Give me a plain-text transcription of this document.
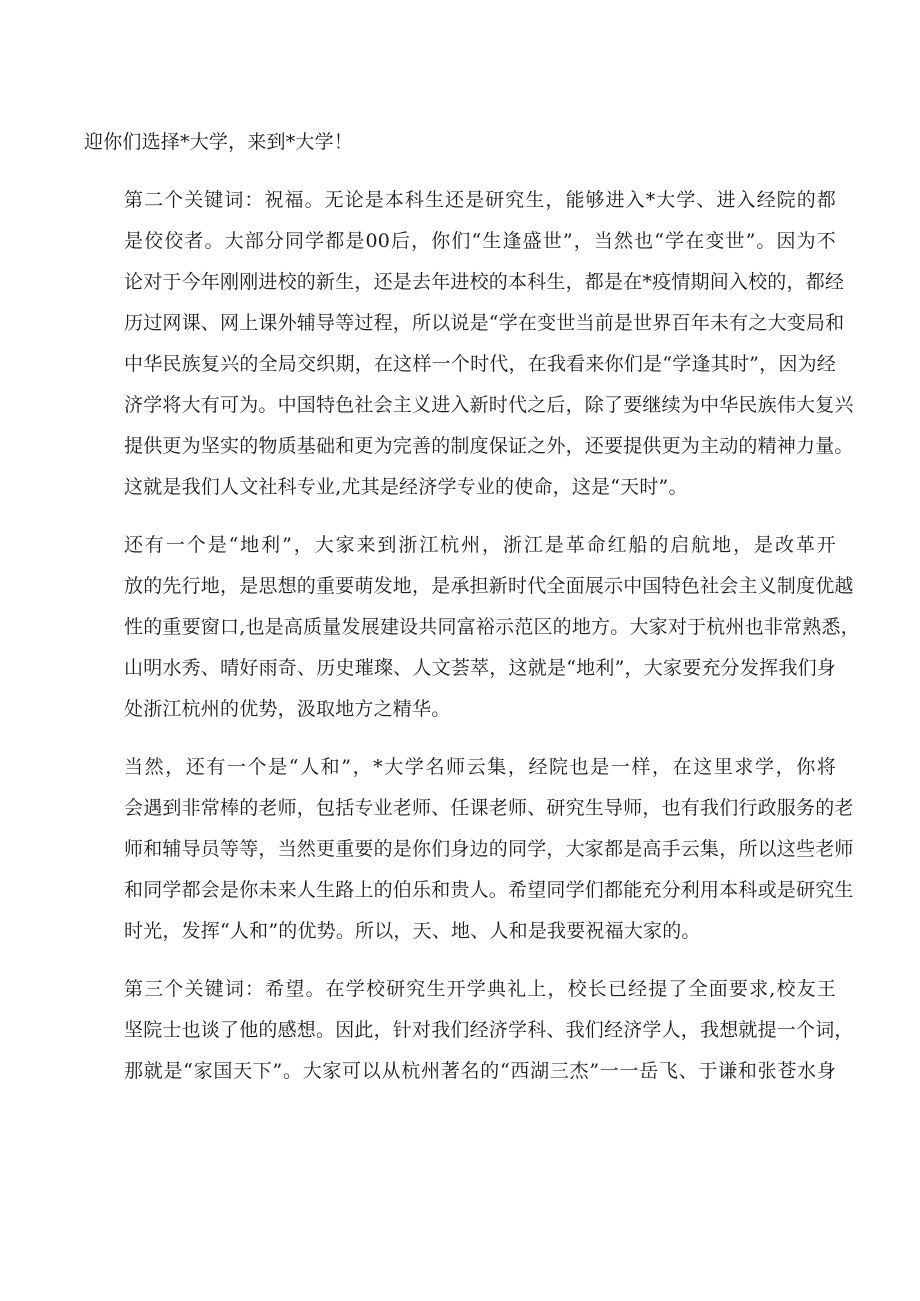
迎你们选择*大学，来到*大学！

第二个关键词：祝福。无论是本科生还是研究生，能够进入*大学、进入经院的都
是佼佼者。大部分同学都是00后，你们“生逢盛世”，当然也“学在变世”。因为不
论对于今年刚刚进校的新生，还是去年进校的本科生，都是在*疫情期间入校的，都经
历过网课、网上课外辅导等过程，所以说是“学在变世当前是世界百年未有之大变局和
中华民族复兴的全局交织期，在这样一个时代，在我看来你们是“学逢其时”，因为经
济学将大有可为。中国特色社会主义进入新时代之后，除了要继续为中华民族伟大复兴
提供更为坚实的物质基础和更为完善的制度保证之外，还要提供更为主动的精神力量。
这就是我们人文社科专业,尤其是经济学专业的使命，这是“天时”。

还有一个是“地利”，大家来到浙江杭州，浙江是革命红船的启航地，是改革开
放的先行地，是思想的重要萌发地，是承担新时代全面展示中国特色社会主义制度优越
性的重要窗口,也是高质量发展建设共同富裕示范区的地方。大家对于杭州也非常熟悉，
山明水秀、晴好雨奇、历史璀璨、人文荟萃，这就是“地利”，大家要充分发挥我们身
处浙江杭州的优势，汲取地方之精华。

当然，还有一个是“人和”，*大学名师云集，经院也是一样，在这里求学，你将
会遇到非常棒的老师，包括专业老师、任课老师、研究生导师，也有我们行政服务的老
师和辅导员等等，当然更重要的是你们身边的同学，大家都是高手云集，所以这些老师
和同学都会是你未来人生路上的伯乐和贵人。希望同学们都能充分利用本科或是研究生
时光，发挥“人和”的优势。所以，天、地、人和是我要祝福大家的。

第三个关键词：希望。在学校研究生开学典礼上，校长已经提了全面要求,校友王
坚院士也谈了他的感想。因此，针对我们经济学科、我们经济学人，我想就提一个词，
那就是“家国天下”。大家可以从杭州著名的“西湖三杰”一一岳飞、于谦和张苍水身
